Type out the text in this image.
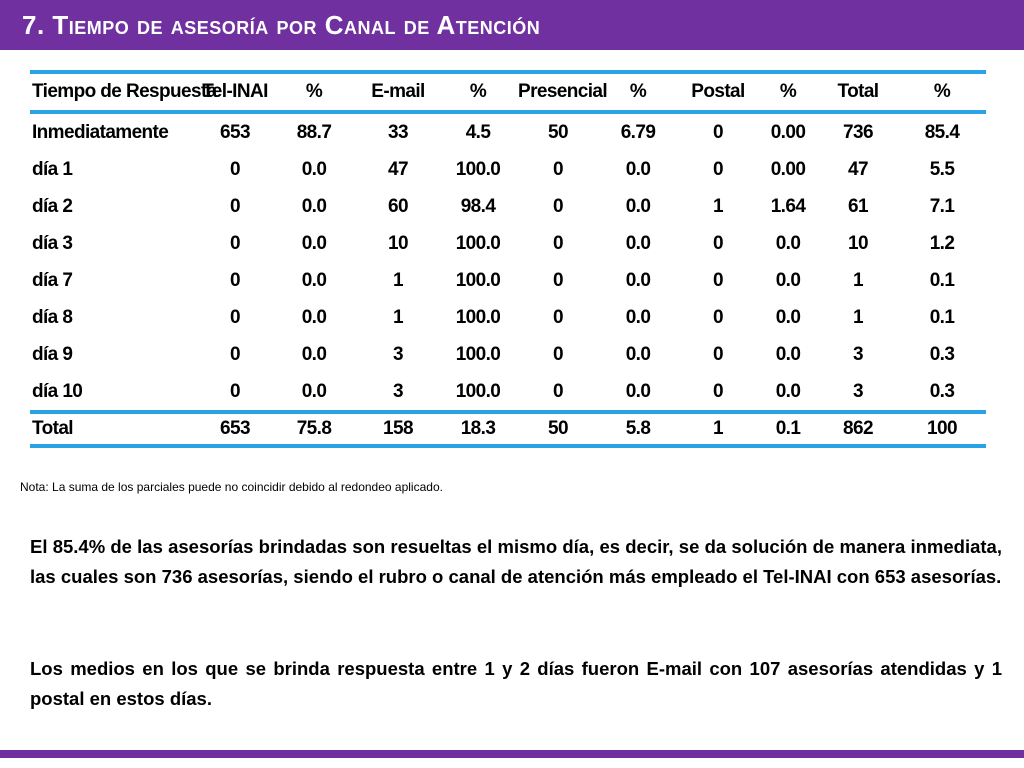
7. Tiempo de asesoría por Canal de Atención
Tiempo de Respuesta	Tel-INAI	%	E-mail	%	Presencial	%	Postal	%	Total	%
Inmediatamente	653	88.7	33	4.5	50	6.79	0	0.00	736	85.4
día 1	0	0.0	47	100.0	0	0.0	0	0.00	47	5.5
día 2	0	0.0	60	98.4	0	0.0	1	1.64	61	7.1
día 3	0	0.0	10	100.0	0	0.0	0	0.0	10	1.2
día 7	0	0.0	1	100.0	0	0.0	0	0.0	1	0.1
día 8	0	0.0	1	100.0	0	0.0	0	0.0	1	0.1
día 9	0	0.0	3	100.0	0	0.0	0	0.0	3	0.3
día 10	0	0.0	3	100.0	0	0.0	0	0.0	3	0.3
Total	653	75.8	158	18.3	50	5.8	1	0.1	862	100
Nota: La suma de los parciales puede no coincidir debido al redondeo aplicado.

El 85.4% de las asesorías brindadas son resueltas el mismo día, es decir, se da solución de manera inmediata, las cuales son 736 asesorías, siendo el rubro o canal de atención más empleado el Tel-INAI con 653 asesorías.

Los medios en los que se brinda respuesta entre 1 y 2 días fueron E-mail con 107 asesorías atendidas y 1 postal en estos días.
